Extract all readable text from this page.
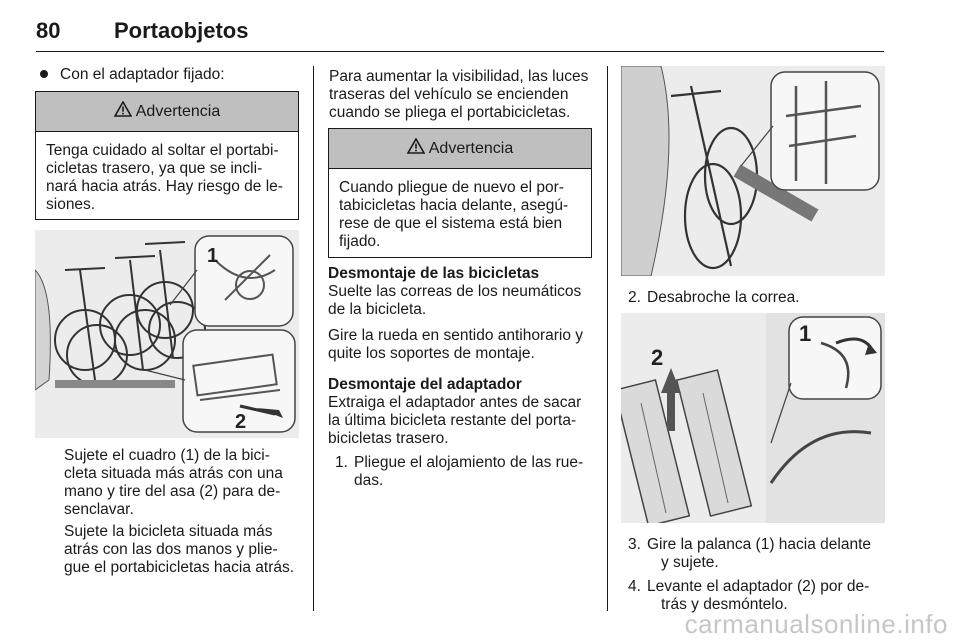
80 Portaobjetos
Con el adaptador fijado:
Advertencia
Tenga cuidado al soltar el portabi-
cicletas trasero, ya que se incli-
nará hacia atrás. Hay riesgo de le-
siones.
1
2
Sujete el cuadro (1) de la bici-
cleta situada más atrás con una
mano y tire del asa (2) para de-
senclavar.
Sujete la bicicleta situada más
atrás con las dos manos y plie-
gue el portabicicletas hacia atrás.
Para aumentar la visibilidad, las luces
traseras del vehículo se encienden
cuando se pliega el portabicicletas.
Advertencia
Cuando pliegue de nuevo el por-
tabicicletas hacia delante, asegú-
rese de que el sistema está bien
fijado.
Desmontaje de las bicicletas
Suelte las correas de los neumáticos
de la bicicleta.
Gire la rueda en sentido antihorario y
quite los soportes de montaje.
Desmontaje del adaptador
Extraiga el adaptador antes de sacar
la última bicicleta restante del porta-
bicicletas trasero.
1. Pliegue el alojamiento de las rue-
das.
2. Desabroche la correa.
2
1
3. Gire la palanca (1) hacia delante
y sujete.
4. Levante el adaptador (2) por de-
trás y desmóntelo.
carmanualsonline.info
